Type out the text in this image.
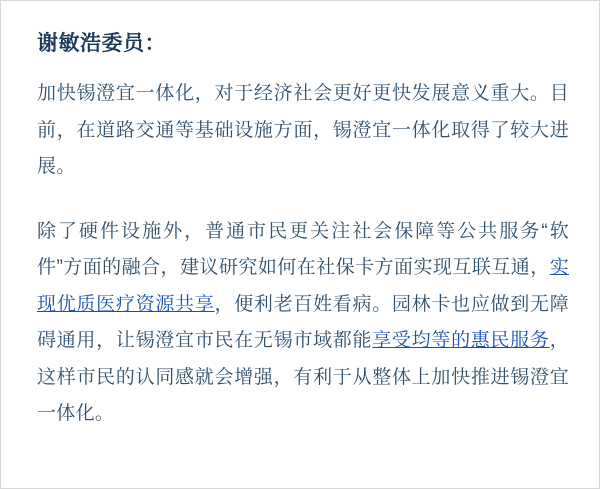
谢敏浩委员：

加快锡澄宜一体化，对于经济社会更好更快发展意义重大。目前，在道路交通等基础设施方面，锡澄宜一体化取得了较大进展。

除了硬件设施外，普通市民更关注社会保障等公共服务“软件”方面的融合，建议研究如何在社保卡方面实现互联互通，实现优质医疗资源共享，便利老百姓看病。园林卡也应做到无障碍通用，让锡澄宜市民在无锡市域都能享受均等的惠民服务，这样市民的认同感就会增强，有利于从整体上加快推进锡澄宜一体化。
